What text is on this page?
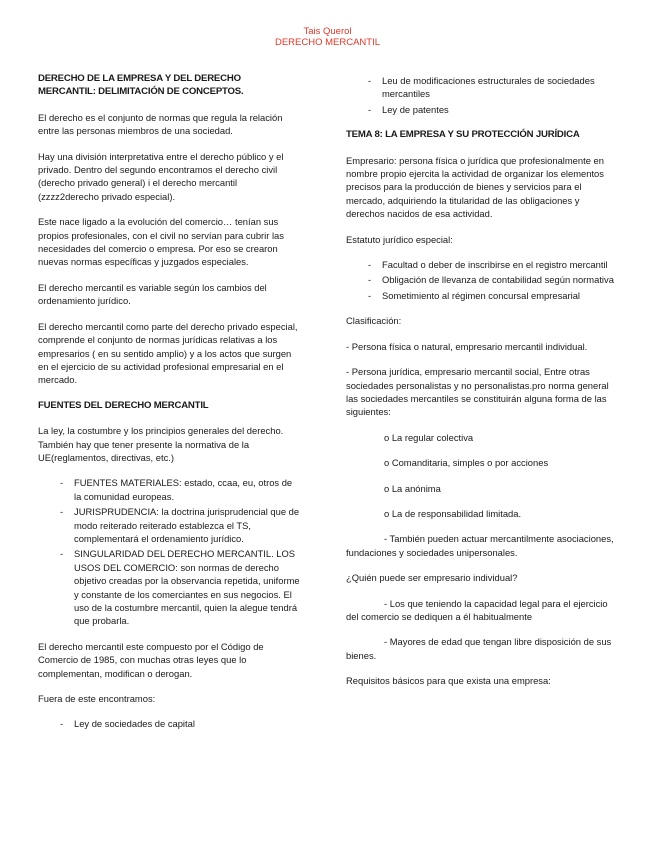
Tais Querol
DERECHO MERCANTIL
DERECHO DE LA EMPRESA Y DEL DERECHO MERCANTIL: DELIMITACIÓN DE CONCEPTOS.

El derecho es el conjunto de normas que regula la relación entre las personas miembros de una sociedad.

Hay una división interpretativa entre el derecho público y el privado. Dentro del segundo encontramos el derecho civil (derecho privado general) i el derecho mercantil (zzzz2derecho privado especial).

Este nace ligado a la evolución del comercio… tenían sus propios profesionales, con el civil no servían para cubrir las necesidades del comercio o empresa. Por eso se crearon nuevas normas específicas y juzgados especiales.

El derecho mercantil es variable según los cambios del ordenamiento jurídico.

El derecho mercantil como parte del derecho privado especial, comprende el conjunto de normas jurídicas relativas a los empresarios ( en su sentido amplio) y a los actos que surgen en el ejercicio de su actividad profesional empresarial en el mercado.

FUENTES DEL DERECHO MERCANTIL

La ley, la costumbre y los principios generales del derecho. También hay que tener presente la normativa de la UE(reglamentos, directivas, etc.)

- FUENTES MATERIALES: estado, ccaa, eu, otros de la comunidad europeas.
- JURISPRUDENCIA: la doctrina jurisprudencial que de modo reiterado reiterado establezca el TS, complementará el ordenamiento jurídico.
- SINGULARIDAD DEL DERECHO MERCANTIL. LOS USOS DEL COMERCIO: son normas de derecho objetivo creadas por la observancia repetida, uniforme y constante de los comerciantes en sus negocios. El uso de la costumbre mercantil, quien la alegue tendrá que probarla.

El derecho mercantil este compuesto por el Código de Comercio de 1985, con muchas otras leyes que lo complementan, modifican o derogan.

Fuera de este encontramos:

- Ley de sociedades de capital
- Leu de modificaciones estructurales de sociedades mercantiles
- Ley de patentes
TEMA 8: LA EMPRESA Y SU PROTECCIÓN JURÍDICA

Empresario: persona física o jurídica que profesionalmente en nombre propio ejercita la actividad de organizar los elementos precisos para la producción de bienes y servicios para el mercado, adquiriendo la titularidad de las obligaciones y derechos nacidos de esa actividad.

Estatuto jurídico especial:

- Facultad o deber de inscribirse en el registro mercantil
- Obligación de llevanza de contabilidad según normativa
- Sometimiento al régimen concursal empresarial

Clasificación:

- Persona física o natural, empresario mercantil individual.

- Persona jurídica, empresario mercantil social, Entre otras sociedades personalistas y no personalistas.pro norma general las sociedades mercantiles se constituirán alguna forma de las siguientes:

o La regular colectiva

o Comanditaria, simples o por acciones

o La anónima

o La de responsabilidad limitada.

- También pueden actuar mercantilmente asociaciones, fundaciones y sociedades unipersonales.

¿Quién puede ser empresario individual?

- Los que teniendo la capacidad legal para el ejercicio del comercio se dediquen a él habitualmente

- Mayores de edad que tengan libre disposición de sus bienes.

Requisitos básicos para que exista una empresa:
